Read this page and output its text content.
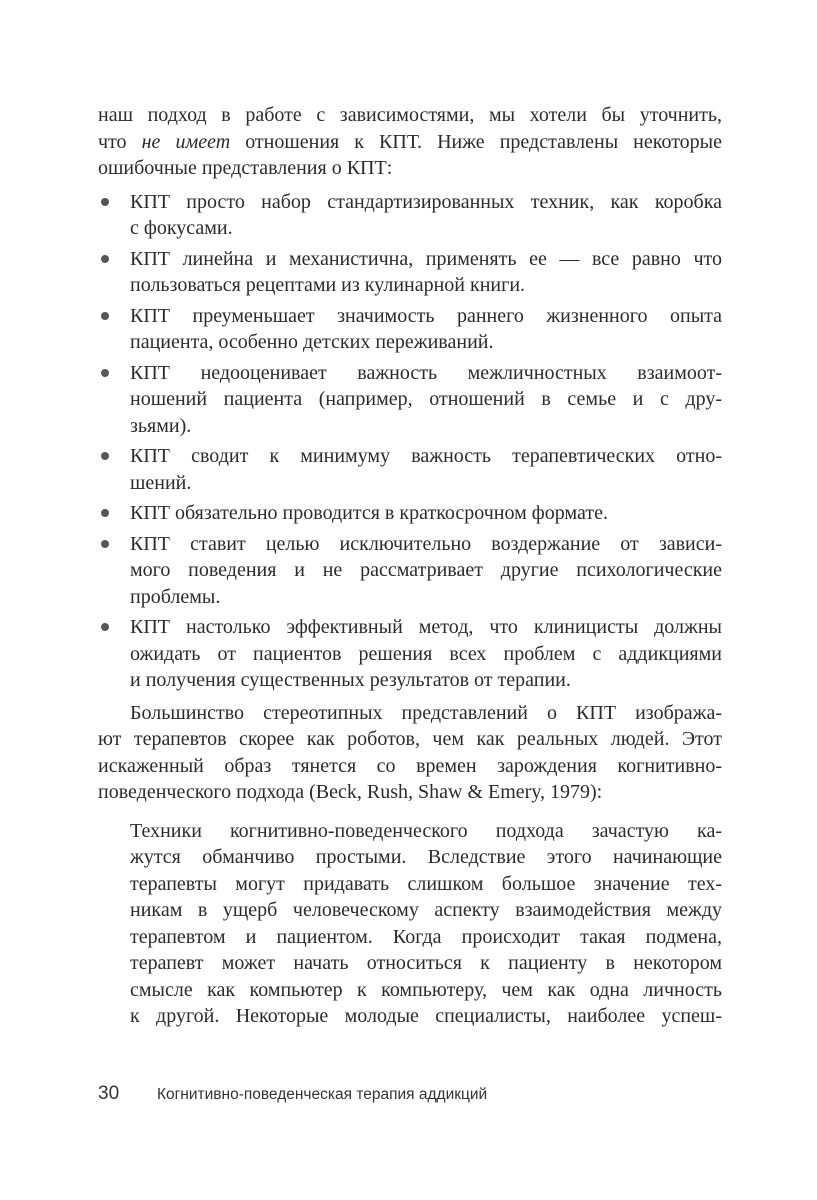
наш подход в работе с зависимостями, мы хотели бы уточнить,
что не имеет отношения к КПТ. Ниже представлены некоторые
ошибочные представления о КПТ:
КПТ просто набор стандартизированных техник, как коробка
с фокусами.
КПТ линейна и механистична, применять ее — все равно что
пользоваться рецептами из кулинарной книги.
КПТ преуменьшает значимость раннего жизненного опыта
пациента, особенно детских переживаний.
КПТ недооценивает важность межличностных взаимоот-
ношений пациента (например, отношений в семье и с дру-
зьями).
КПТ сводит к минимуму важность терапевтических отно-
шений.
КПТ обязательно проводится в краткосрочном формате.
КПТ ставит целью исключительно воздержание от зависи-
мого поведения и не рассматривает другие психологические
проблемы.
КПТ настолько эффективный метод, что клиницисты должны
ожидать от пациентов решения всех проблем с аддикциями
и получения существенных результатов от терапии.
Большинство стереотипных представлений о КПТ изобража-
ют терапевтов скорее как роботов, чем как реальных людей. Этот
искаженный образ тянется со времен зарождения когнитивно-
поведенческого подхода (Beck, Rush, Shaw & Emery, 1979):
Техники когнитивно-поведенческого подхода зачастую ка-
жутся обманчиво простыми. Вследствие этого начинающие
терапевты могут придавать слишком большое значение тех-
никам в ущерб человеческому аспекту взаимодействия между
терапевтом и пациентом. Когда происходит такая подмена,
терапевт может начать относиться к пациенту в некотором
смысле как компьютер к компьютеру, чем как одна личность
к другой. Некоторые молодые специалисты, наиболее успеш-
30 Когнитивно-поведенческая терапия аддикций
